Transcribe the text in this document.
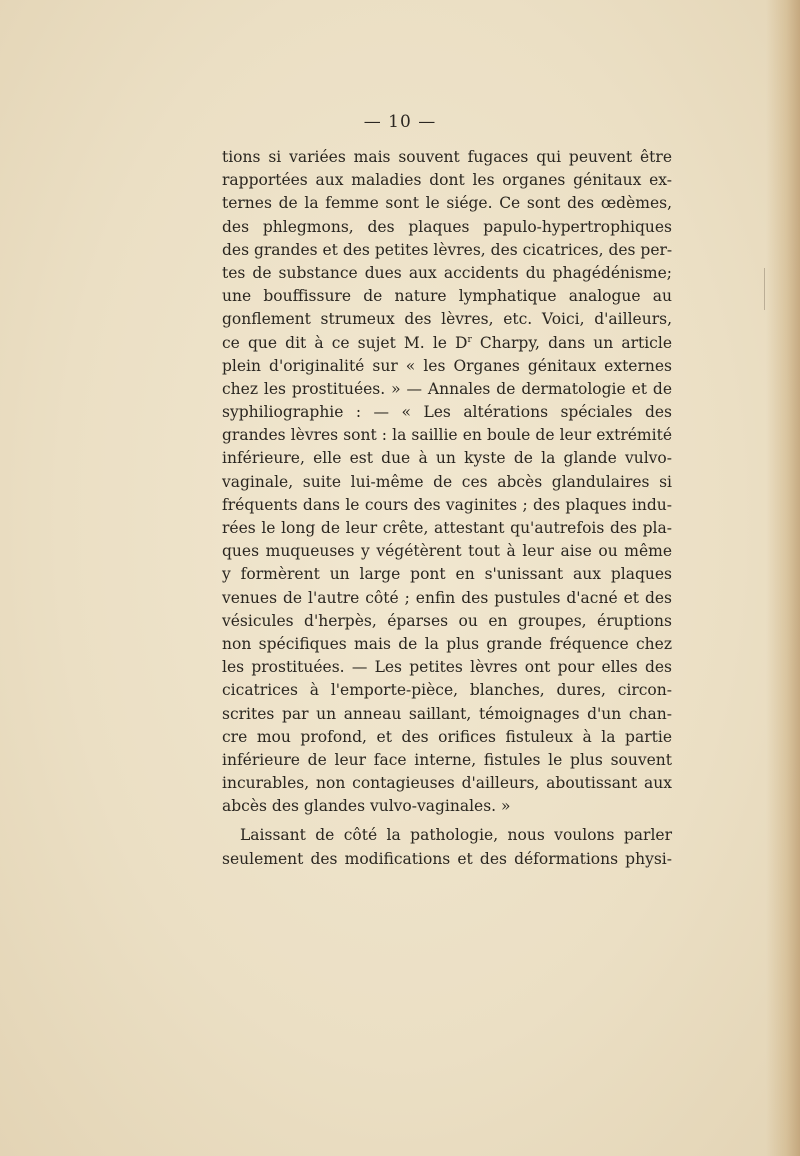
— 10 —
tions si variées mais souvent fugaces qui peuvent être
rapportées aux maladies dont les organes génitaux ex-
ternes de la femme sont le siége. Ce sont des œdèmes,
des phlegmons, des plaques papulo-hypertrophiques
des grandes et des petites lèvres, des cicatrices, des per-
tes de substance dues aux accidents du phagédénisme;
une bouffissure de nature lymphatique analogue au
gonflement strumeux des lèvres, etc. Voici, d'ailleurs,
ce que dit à ce sujet M. le $D^r$ Charpy, dans un article
plein d'originalité sur « les Organes génitaux externes
chez les prostituées. » — Annales de dermatologie et de
syphiliographie : — « Les altérations spéciales des
grandes lèvres sont : la saillie en boule de leur extrémité
inférieure, elle est due à un kyste de la glande vulvo-
vaginale, suite lui-même de ces abcès glandulaires si
fréquents dans le cours des vaginites ; des plaques indu-
rées le long de leur crête, attestant qu'autrefois des pla-
ques muqueuses y végétèrent tout à leur aise ou même
y formèrent un large pont en s'unissant aux plaques
venues de l'autre côté ; enfin des pustules d'acné et des
vésicules d'herpès, éparses ou en groupes, éruptions
non spécifiques mais de la plus grande fréquence chez
les prostituées. — Les petites lèvres ont pour elles des
cicatrices à l'emporte-pièce, blanches, dures, circon-
scrites par un anneau saillant, témoignages d'un chan-
cre mou profond, et des orifices fistuleux à la partie
inférieure de leur face interne, fistules le plus souvent
incurables, non contagieuses d'ailleurs, aboutissant aux
abcès des glandes vulvo-vaginales. »
Laissant de côté la pathologie, nous voulons parler
seulement des modifications et des déformations physi-
